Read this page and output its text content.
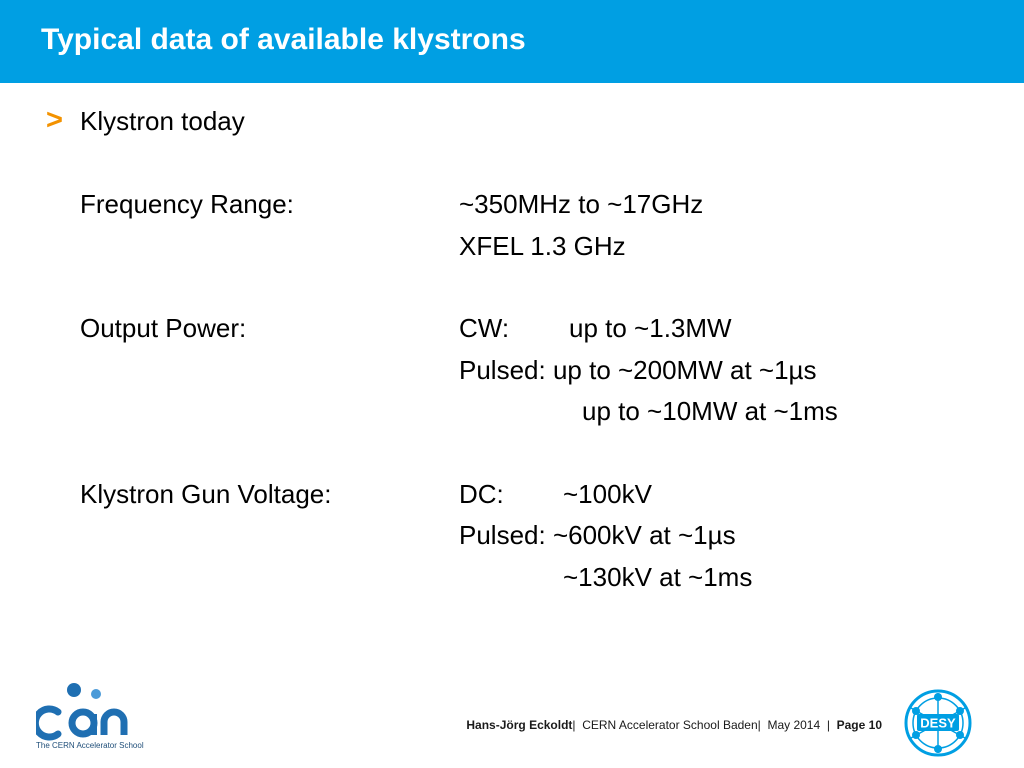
Typical data of available klystrons
> Klystron today
Frequency Range:	~350MHz to ~17GHz
XFEL 1.3 GHz
Output Power:	CW: up to ~1.3MW
Pulsed: up to ~200MW at ~1µs
up to ~10MW at ~1ms
Klystron Gun Voltage:	DC: ~100kV
Pulsed: ~600kV at ~1µs
~130kV at ~1ms
Hans-Jörg Eckoldt| CERN Accelerator School Baden| May 2014 | Page 10
The CERN Accelerator School
DESY
